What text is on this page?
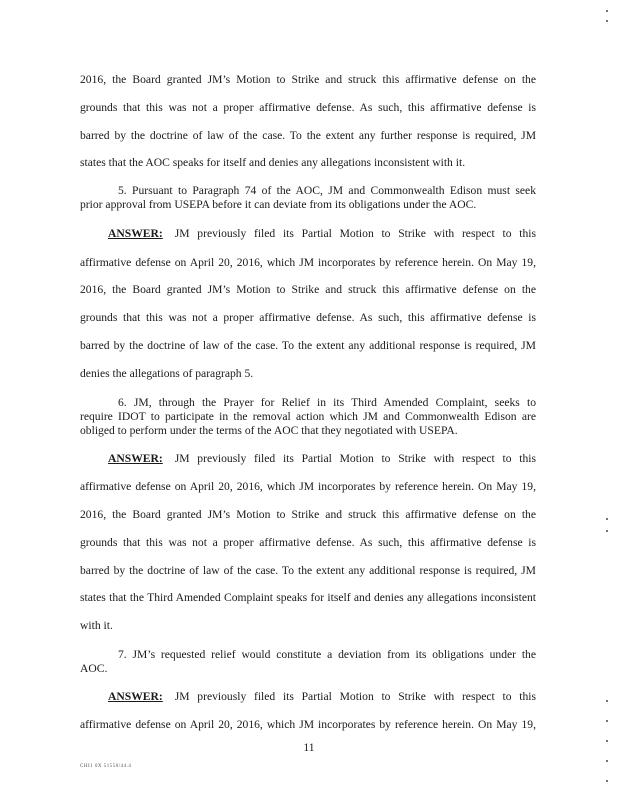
2016, the Board granted JM’s Motion to Strike and struck this affirmative defense on the
grounds that this was not a proper affirmative defense. As such, this affirmative defense is
barred by the doctrine of law of the case. To the extent any further response is required, JM
states that the AOC speaks for itself and denies any allegations inconsistent with it.
5. Pursuant to Paragraph 74 of the AOC, JM and Commonwealth Edison must seek
prior approval from USEPA before it can deviate from its obligations under the AOC.
ANSWER: JM previously filed its Partial Motion to Strike with respect to this
affirmative defense on April 20, 2016, which JM incorporates by reference herein. On May 19,
2016, the Board granted JM’s Motion to Strike and struck this affirmative defense on the
grounds that this was not a proper affirmative defense. As such, this affirmative defense is
barred by the doctrine of law of the case. To the extent any additional response is required, JM
denies the allegations of paragraph 5.
6. JM, through the Prayer for Relief in its Third Amended Complaint, seeks to
require IDOT to participate in the removal action which JM and Commonwealth Edison are
obliged to perform under the terms of the AOC that they negotiated with USEPA.
ANSWER: JM previously filed its Partial Motion to Strike with respect to this
affirmative defense on April 20, 2016, which JM incorporates by reference herein. On May 19,
2016, the Board granted JM’s Motion to Strike and struck this affirmative defense on the
grounds that this was not a proper affirmative defense. As such, this affirmative defense is
barred by the doctrine of law of the case. To the extent any additional response is required, JM
states that the Third Amended Complaint speaks for itself and denies any allegations inconsistent
with it.
7. JM’s requested relief would constitute a deviation from its obligations under the
AOC.
ANSWER: JM previously filed its Partial Motion to Strike with respect to this
affirmative defense on April 20, 2016, which JM incorporates by reference herein. On May 19,
11
CHI1 0X 51550/44.4
